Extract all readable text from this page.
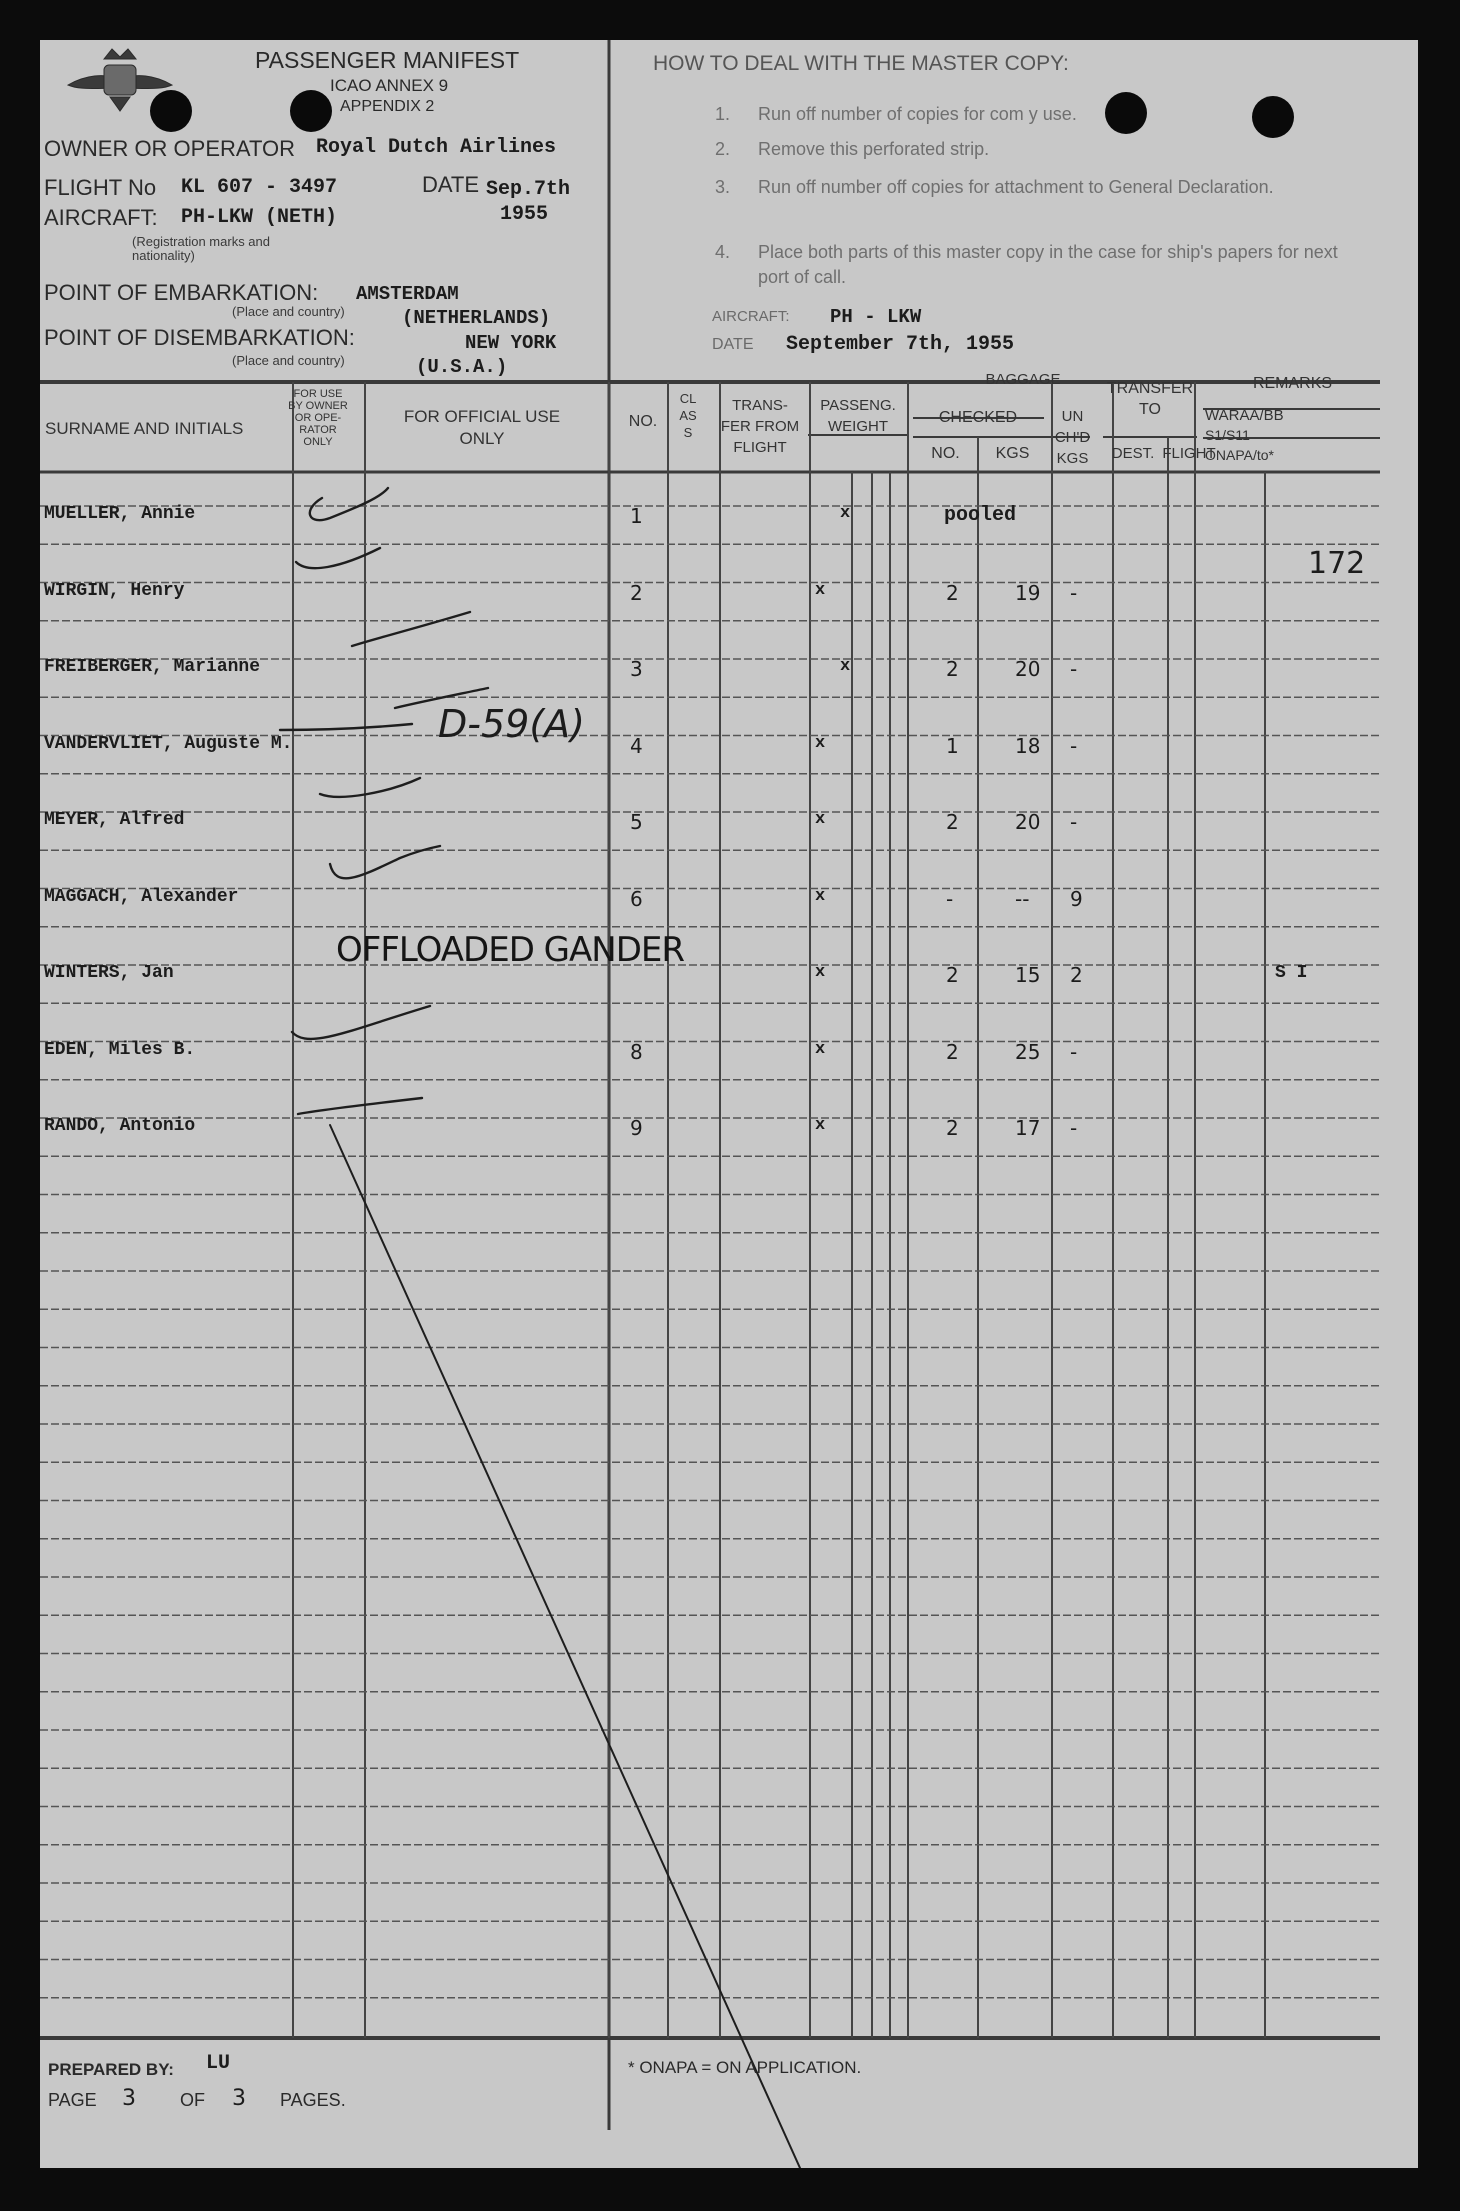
PASSENGER MANIFEST
ICAO ANNEX 9
APPENDIX 2
OWNER OR OPERATOR Royal Dutch Airlines
FLIGHT No KL 607 - 3497	DATE Sep.7th
1955
AIRCRAFT: PH-LKW (NETH)
(Registration marks and nationality)
POINT OF EMBARKATION: AMSTERDAM
(Place and country)	(NETHERLANDS)
POINT OF DISEMBARKATION:	NEW YORK
(Place and country)	(U.S.A.)
HOW TO DEAL WITH THE MASTER COPY:
1. Run off number of copies for com y use.
2. Remove this perforated strip.
3. Run off number off copies for attachment to General Declaration.
4. Place both parts of this master copy in the case for ship's papers for next port of call.
AIRCRAFT: PH - LKW
DATE September 7th, 1955
SURNAME AND INITIALS
FOR USE BY OWNER OR OPE-RATOR ONLY
FOR OFFICIAL USE ONLY
NO.
CLASS
TRANS-FER FROM FLIGHT
PASSENG. WEIGHT
BAGGAGE
CHECKED
NO.	KGS
UN CH'D KGS
TRANSFER TO
DEST. FLIGHT
REMARKS
WARAA/BB
S1/S11
ONAPA/to*
MUELLER, Annie	1	x	pooled
WIRGIN, Henry	2	x	2	19 -
FREIBERGER, Marianne	3	x	2	20 -
VANDERVLIET, Auguste M.	4	x	1	18 -
MEYER, Alfred	5	x	2	20 -
MAGGACH, Alexander	6	x	-	-- 9
WINTERS, Jan	x	2	15 2	S I
EDEN, Miles B.	8	x	2	25 -
RANDO, Antonio	9	x	2	17 -
172
D-59(A)
OFFLOADED GANDER
PREPARED BY: LU
PAGE 3 OF 3 PAGES.
* ONAPA = ON APPLICATION.
